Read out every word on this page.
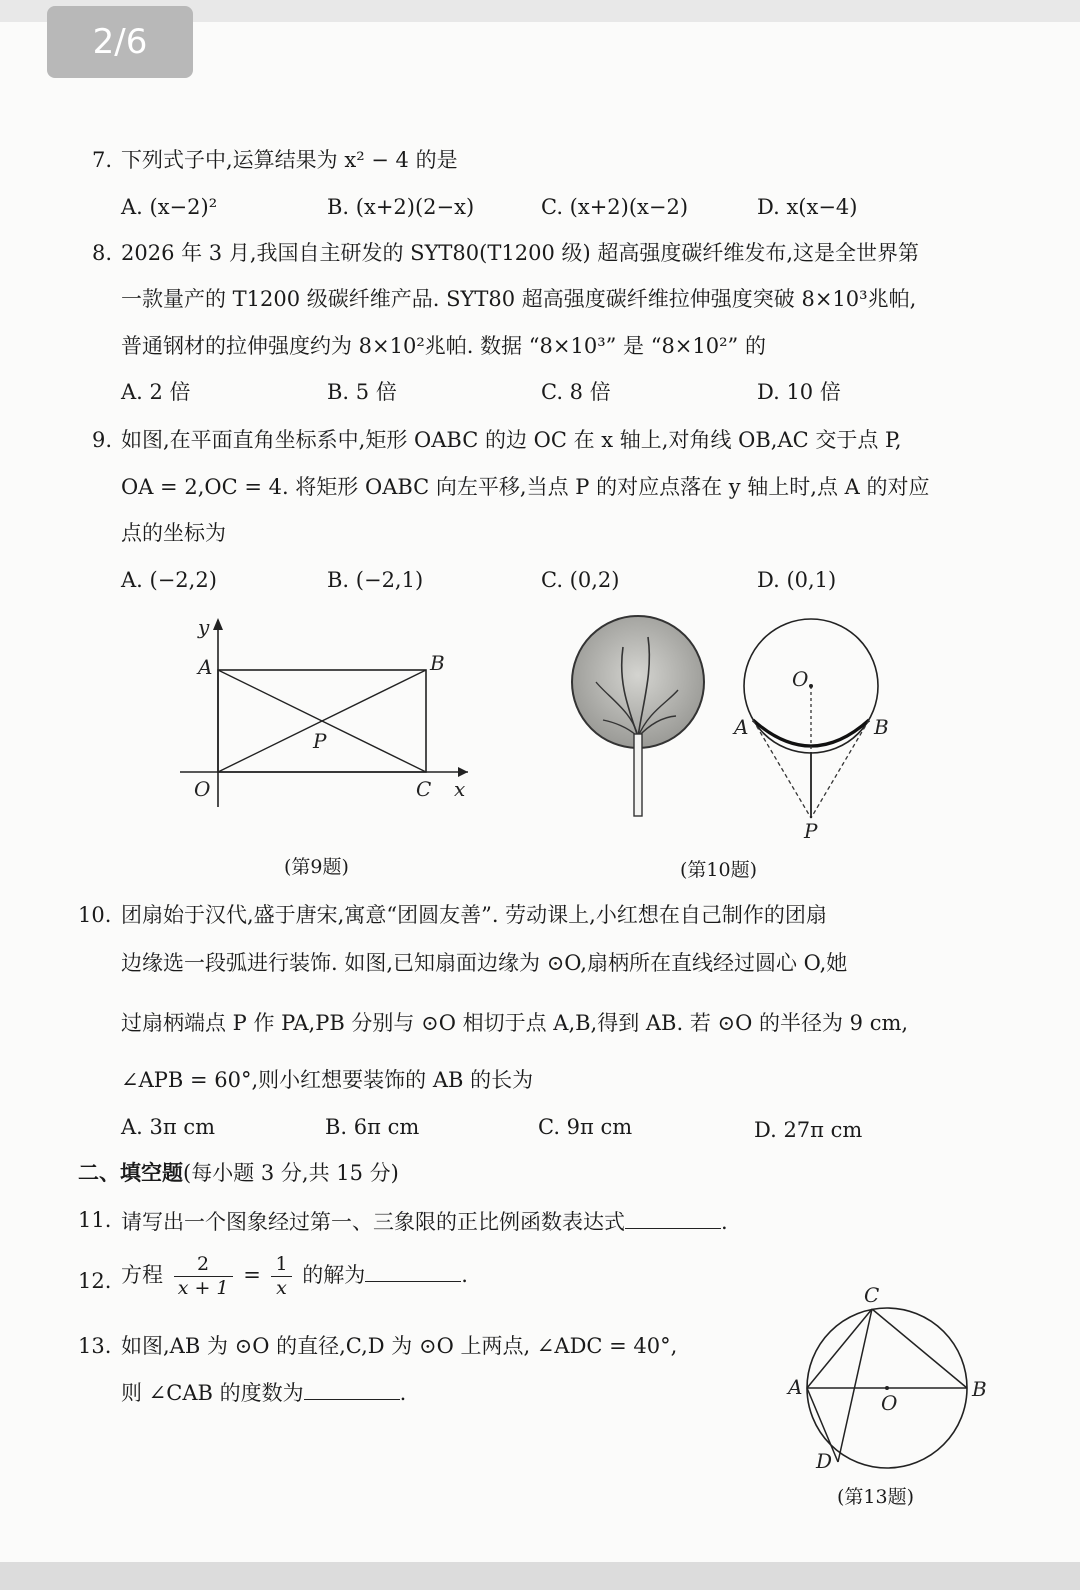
2/6
7. 下列式子中,运算结果为 x² − 4 的是
A. (x−2)²	B. (x+2)(2−x)	C. (x+2)(x−2)	D. x(x−4)
8. 2026 年 3 月,我国自主研发的 SYT80(T1200 级) 超高强度碳纤维发布,这是全世界第
一款量产的 T1200 级碳纤维产品. SYT80 超高强度碳纤维拉伸强度突破 8×10³兆帕,
普通钢材的拉伸强度约为 8×10²兆帕. 数据 “8×10³” 是 “8×10²” 的
A. 2 倍	B. 5 倍	C. 8 倍	D. 10 倍
9. 如图,在平面直角坐标系中,矩形 OABC 的边 OC 在 x 轴上,对角线 OB,AC 交于点 P,
OA = 2,OC = 4. 将矩形 OABC 向左平移,当点 P 的对应点落在 y 轴上时,点 A 的对应
点的坐标为
A. (−2,2)	B. (−2,1)	C. (0,2)	D. (0,1)
y
A	B
P
O	C x
(第9题)
O
A	B
P
(第10题)
10. 团扇始于汉代,盛于唐宋,寓意“团圆友善”. 劳动课上,小红想在自己制作的团扇
边缘选一段弧进行装饰. 如图,已知扇面边缘为 ⊙O,扇柄所在直线经过圆心 O,她
过扇柄端点 P 作 PA,PB 分别与 ⊙O 相切于点 A,B,得到 AB. 若 ⊙O 的半径为 9 cm,
∠APB = 60°,则小红想要装饰的 AB 的长为
A. 3π cm	B. 6π cm	C. 9π cm	D. 27π cm
二、填空题(每小题 3 分,共 15 分)
11. 请写出一个图象经过第一、三象限的正比例函数表达式	.
12. 方程 $\frac{2}{x + 1} = \frac{1}{x}$ 的解为	.
13. 如图,AB 为 ⊙O 的直径,C,D 为 ⊙O 上两点, ∠ADC = 40°,
则 ∠CAB 的度数为	.
C
A	B
O
D
(第13题)
